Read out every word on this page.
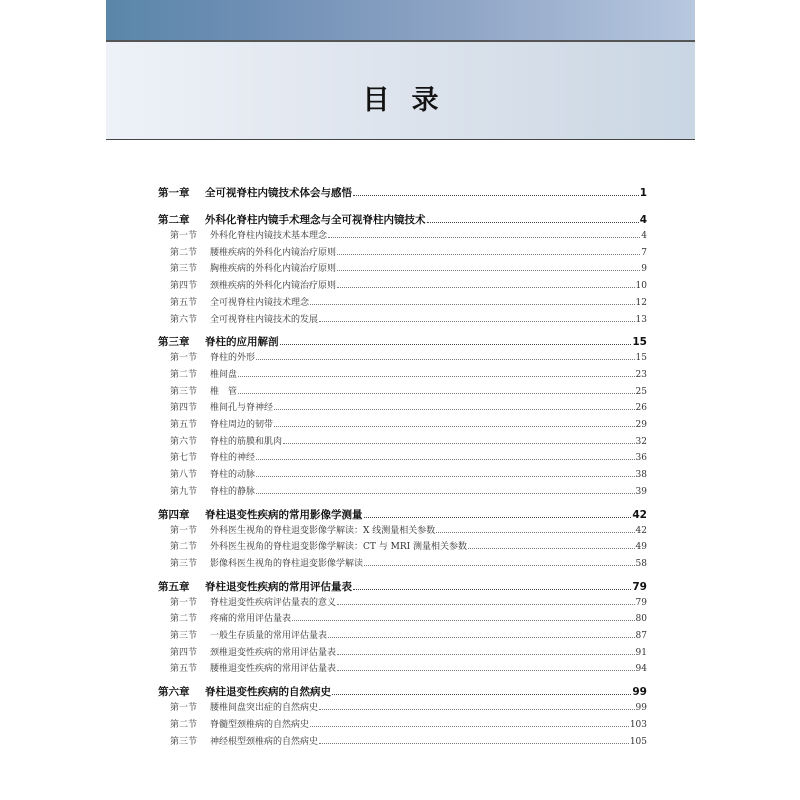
目录
第一章	全可视脊柱内镜技术体会与感悟	1
第二章	外科化脊柱内镜手术理念与全可视脊柱内镜技术	4
第一节	外科化脊柱内镜技术基本理念	4
第二节	腰椎疾病的外科化内镜治疗原则	7
第三节	胸椎疾病的外科化内镜治疗原则	9
第四节	颈椎疾病的外科化内镜治疗原则	10
第五节	全可视脊柱内镜技术理念	12
第六节	全可视脊柱内镜技术的发展	13
第三章	脊柱的应用解剖	15
第一节	脊柱的外形	15
第二节	椎间盘	23
第三节	椎　管	25
第四节	椎间孔与脊神经	26
第五节	脊柱周边的韧带	29
第六节	脊柱的筋膜和肌肉	32
第七节	脊柱的神经	36
第八节	脊柱的动脉	38
第九节	脊柱的静脉	39
第四章	脊柱退变性疾病的常用影像学测量	42
第一节	外科医生视角的脊柱退变影像学解读：X 线测量相关参数	42
第二节	外科医生视角的脊柱退变影像学解读：CT 与 MRI 测量相关参数	49
第三节	影像科医生视角的脊柱退变影像学解读	58
第五章	脊柱退变性疾病的常用评估量表	79
第一节	脊柱退变性疾病评估量表的意义	79
第二节	疼痛的常用评估量表	80
第三节	一般生存质量的常用评估量表	87
第四节	颈椎退变性疾病的常用评估量表	91
第五节	腰椎退变性疾病的常用评估量表	94
第六章	脊柱退变性疾病的自然病史	99
第一节	腰椎间盘突出症的自然病史	99
第二节	脊髓型颈椎病的自然病史	103
第三节	神经根型颈椎病的自然病史	105
